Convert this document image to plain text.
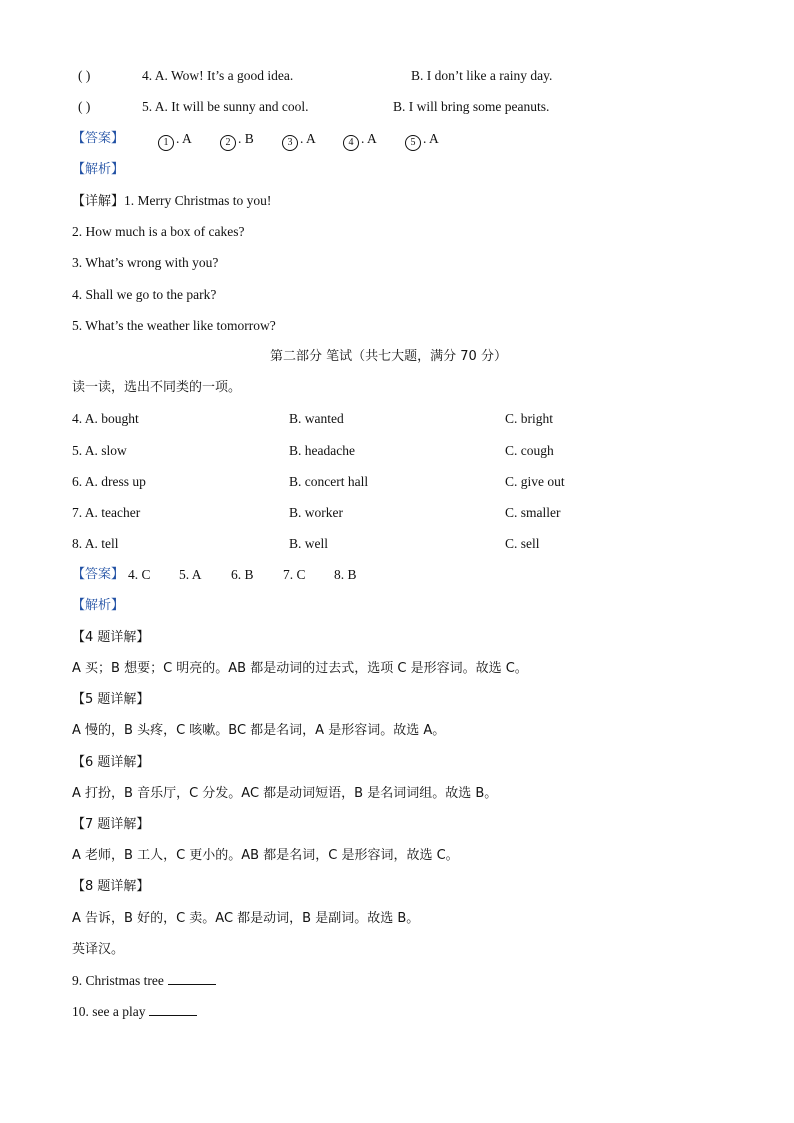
( )	4. A. Wow! It’s a good idea.	B. I don’t like a rainy day.
( )	5. A. It will be sunny and cool.	B. I will bring some peanuts.
【答案】	1 . A	2 . B	3 . A	4 . A	5 . A
【解析】
【详解】1. Merry Christmas to you!
2. How much is a box of cakes?
3. What’s wrong with you?
4. Shall we go to the park?
5. What’s the weather like tomorrow?
第二部分 笔试（共七大题，满分 70 分）
读一读，选出不同类的一项。
4. A. bought	B. wanted	C. bright
5. A. slow	B. headache	C. cough
6. A. dress up	B. concert hall	C. give out
7. A. teacher	B. worker	C. smaller
8. A. tell	B. well	C. sell
【答案】 4. C 5. A 6. B 7. C 8. B
【解析】
【4 题详解】
A 买；B 想要；C 明亮的。AB 都是动词的过去式，选项 C 是形容词。故选 C。
【5 题详解】
A 慢的，B 头疼，C 咳嗽。BC 都是名词，A 是形容词。故选 A。
【6 题详解】
A 打扮，B 音乐厅，C 分发。AC 都是动词短语，B 是名词词组。故选 B。
【7 题详解】
A 老师，B 工人，C 更小的。AB 都是名词，C 是形容词，故选 C。
【8 题详解】
A 告诉，B 好的，C 卖。AC 都是动词，B 是副词。故选 B。
英译汉。
9. Christmas tree
10. see a play
